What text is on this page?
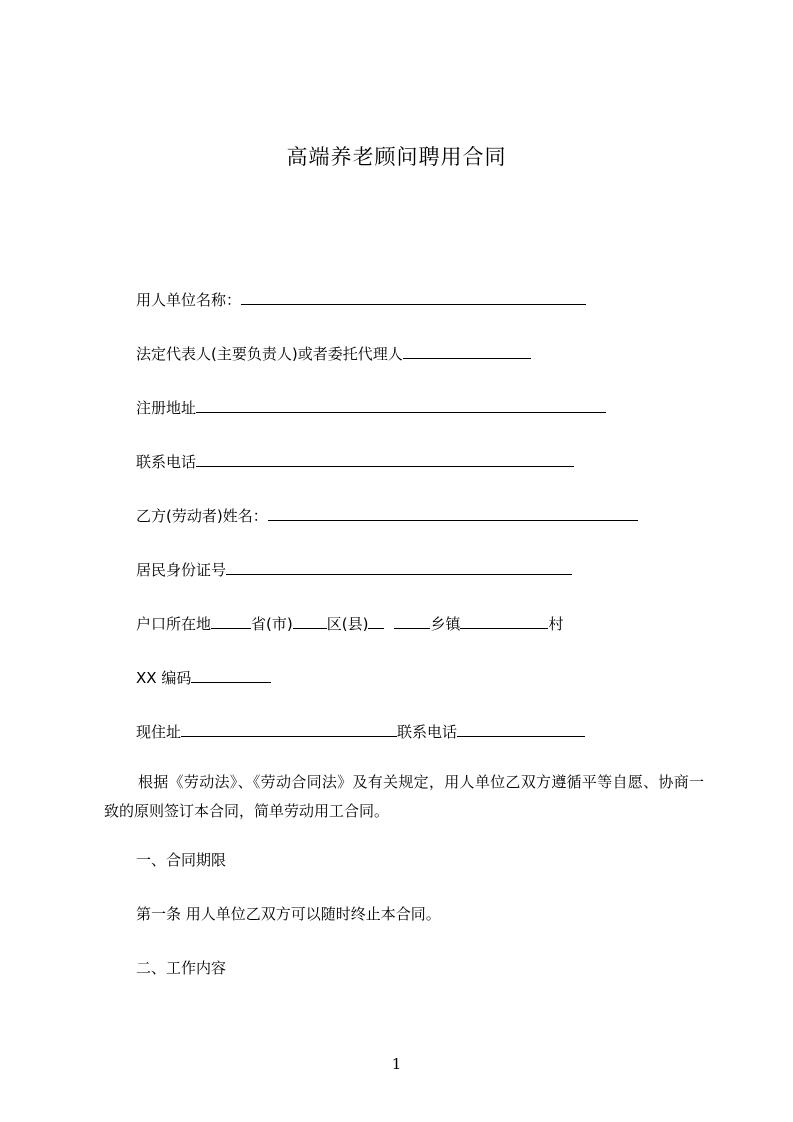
高端养老顾问聘用合同
用人单位名称：
法定代表人(主要负责人)或者委托代理人
注册地址
联系电话
乙方(劳动者)姓名：
居民身份证号
户口所在地	省(市) 区(县)	乡镇	村
XX 编码
现住址	联系电话
根据《劳动法》、《劳动合同法》及有关规定，用人单位乙双方遵循平等自愿、协商一致的原则签订本合同，简单劳动用工合同。
一、合同期限
第一条 用人单位乙双方可以随时终止本合同。
二、工作内容
1
